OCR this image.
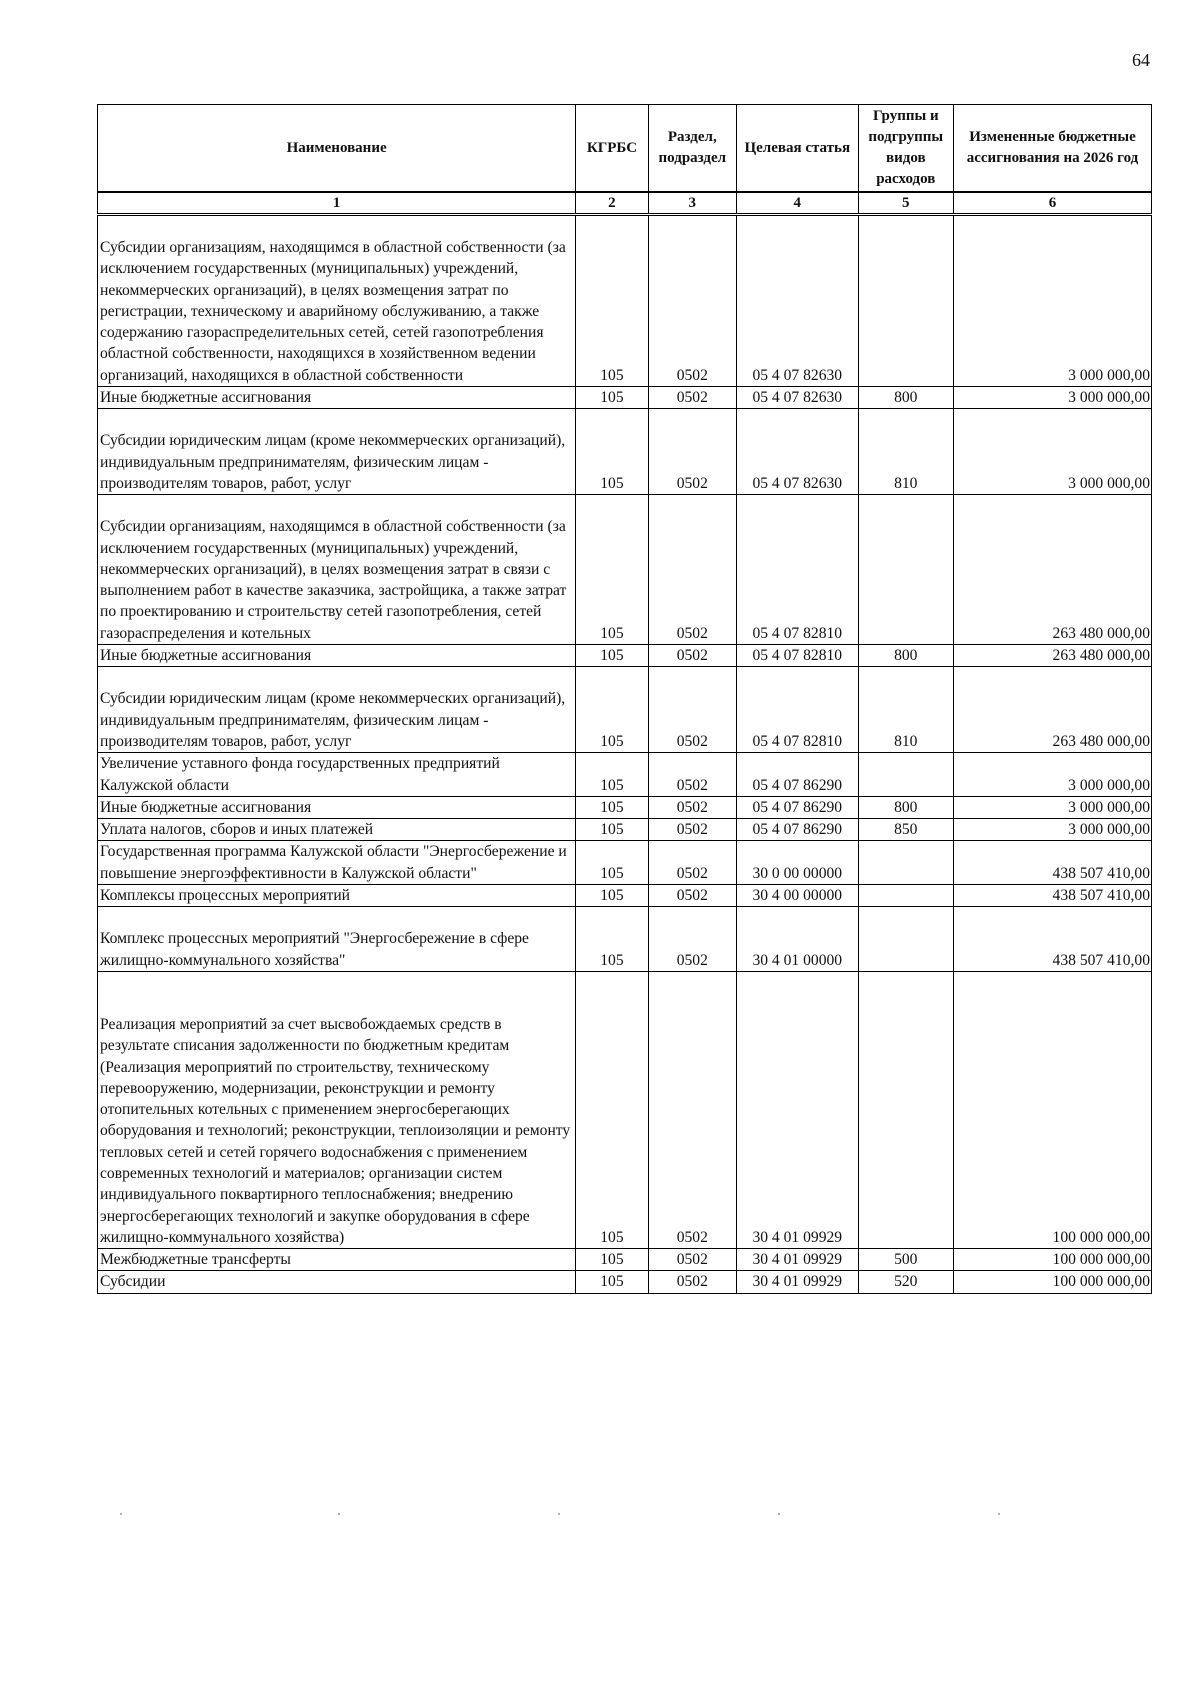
64
Наименование	КГРБС	Раздел, подраздел	Целевая статья	Группы и подгруппы видов расходов	Измененные бюджетные ассигнования на 2026 год
1	2	3	4	5	6
Субсидии организациям, находящимся в областной собственности (за исключением государственных (муниципальных) учреждений, некоммерческих организаций), в целях возмещения затрат по регистрации, техническому и аварийному обслуживанию, а также содержанию газораспределительных сетей, сетей газопотребления областной собственности, находящихся в хозяйственном ведении организаций, находящихся в областной собственности	105	0502	05 4 07 82630		3 000 000,00
Иные бюджетные ассигнования	105	0502	05 4 07 82630	800	3 000 000,00
Субсидии юридическим лицам (кроме некоммерческих организаций), индивидуальным предпринимателям, физическим лицам - производителям товаров, работ, услуг	105	0502	05 4 07 82630	810	3 000 000,00
Субсидии организациям, находящимся в областной собственности (за исключением государственных (муниципальных) учреждений, некоммерческих организаций), в целях возмещения затрат в связи с выполнением работ в качестве заказчика, застройщика, а также затрат по проектированию и строительству сетей газопотребления, сетей газораспределения и котельных	105	0502	05 4 07 82810		263 480 000,00
Иные бюджетные ассигнования	105	0502	05 4 07 82810	800	263 480 000,00
Субсидии юридическим лицам (кроме некоммерческих организаций), индивидуальным предпринимателям, физическим лицам - производителям товаров, работ, услуг	105	0502	05 4 07 82810	810	263 480 000,00
Увеличение уставного фонда государственных предприятий Калужской области	105	0502	05 4 07 86290		3 000 000,00
Иные бюджетные ассигнования	105	0502	05 4 07 86290	800	3 000 000,00
Уплата налогов, сборов и иных платежей	105	0502	05 4 07 86290	850	3 000 000,00
Государственная программа Калужской области "Энергосбережение и повышение энергоэффективности в Калужской области"	105	0502	30 0 00 00000		438 507 410,00
Комплексы процессных мероприятий	105	0502	30 4 00 00000		438 507 410,00
Комплекс процессных мероприятий "Энергосбережение в сфере жилищно-коммунального хозяйства"	105	0502	30 4 01 00000		438 507 410,00
Реализация мероприятий за счет высвобождаемых средств в результате списания задолженности по бюджетным кредитам (Реализация мероприятий по строительству, техническому перевооружению, модернизации, реконструкции и ремонту отопительных котельных с применением энергосберегающих оборудования и технологий; реконструкции, теплоизоляции и ремонту тепловых сетей и сетей горячего водоснабжения с применением современных технологий и материалов; организации систем индивидуального поквартирного теплоснабжения; внедрению энергосберегающих технологий и закупке оборудования в сфере жилищно-коммунального хозяйства)	105	0502	30 4 01 09929		100 000 000,00
Межбюджетные трансферты	105	0502	30 4 01 09929	500	100 000 000,00
Субсидии	105	0502	30 4 01 09929	520	100 000 000,00
